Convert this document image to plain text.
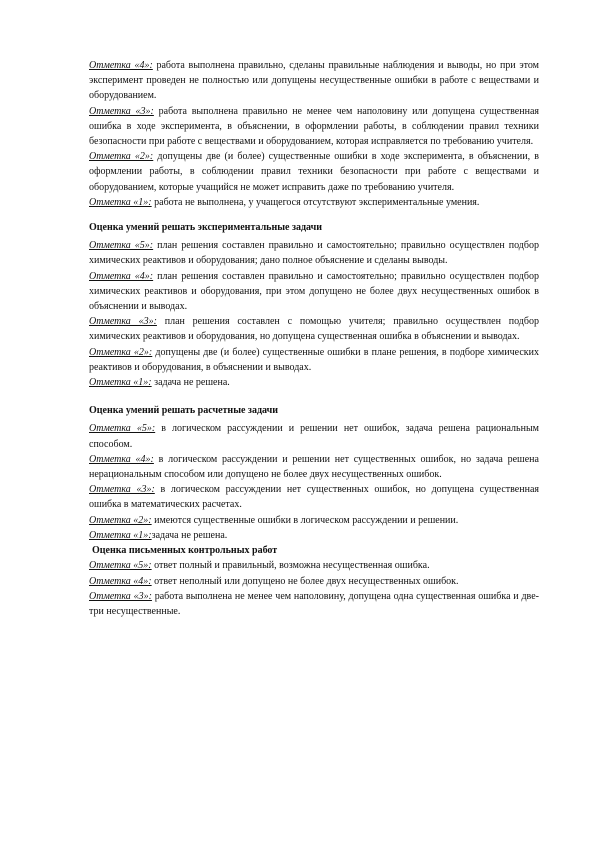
Отметка «4»: работа выполнена правильно, сделаны правильные наблюдения и выводы, но при этом эксперимент проведен не полностью или допущены несущественные ошибки в работе с веществами и оборудованием.

Отметка «3»: работа выполнена правильно не менее чем наполовину или допущена существенная ошибка в ходе эксперимента, в объяснении, в оформлении работы, в соблюдении правил техники безопасности при работе с веществами и оборудованием, которая исправляется по требованию учителя.

Отметка «2»: допущены две (и более) существенные ошибки в ходе эксперимента, в объяснении, в оформлении работы, в соблюдении правил техники безопасности при работе с веществами и оборудованием, которые учащийся не может исправить даже по требованию учителя.

Отметка «1»: работа не выполнена, у учащегося отсутствуют экспериментальные умения.

Оценка умений решать экспериментальные задачи

Отметка «5»: план решения составлен правильно и самостоятельно; правильно осуществлен подбор химических реактивов и оборудования; дано полное объяснение и сделаны выводы.

Отметка «4»: план решения составлен правильно и самостоятельно; правильно осуществлен подбор химических реактивов и оборудования, при этом допущено не более двух несущественных ошибок в объяснении и выводах.

Отметка «3»: план решения составлен с помощью учителя; правильно осуществлен подбор химических реактивов и оборудования, но допущена существенная ошибка в объяснении и выводах.

Отметка «2»: допущены две (и более) существенные ошибки в плане решения, в подборе химических реактивов и оборудования, в объяснении и выводах.

Отметка «1»: задача не решена.

Оценка умений решать расчетные задачи

Отметка «5»: в логическом рассуждении и решении нет ошибок, задача решена рациональным способом.

Отметка «4»: в логическом рассуждении и решении нет существенных ошибок, но задача решена нерациональным способом или допущено не более двух несущественных ошибок.

Отметка «3»: в логическом рассуждении нет существенных ошибок, но допущена существенная ошибка в математических расчетах.

Отметка «2»: имеются существенные ошибки в логическом рассуждении и решении.

Отметка «1»:задача не решена.

Оценка письменных контрольных работ

Отметка «5»: ответ полный и правильный, возможна несущественная ошибка.

Отметка «4»: ответ неполный или допущено не более двух несущественных ошибок.

Отметка «3»: работа выполнена не менее чем наполовину, допущена одна существенная ошибка и две-три несущественные.
